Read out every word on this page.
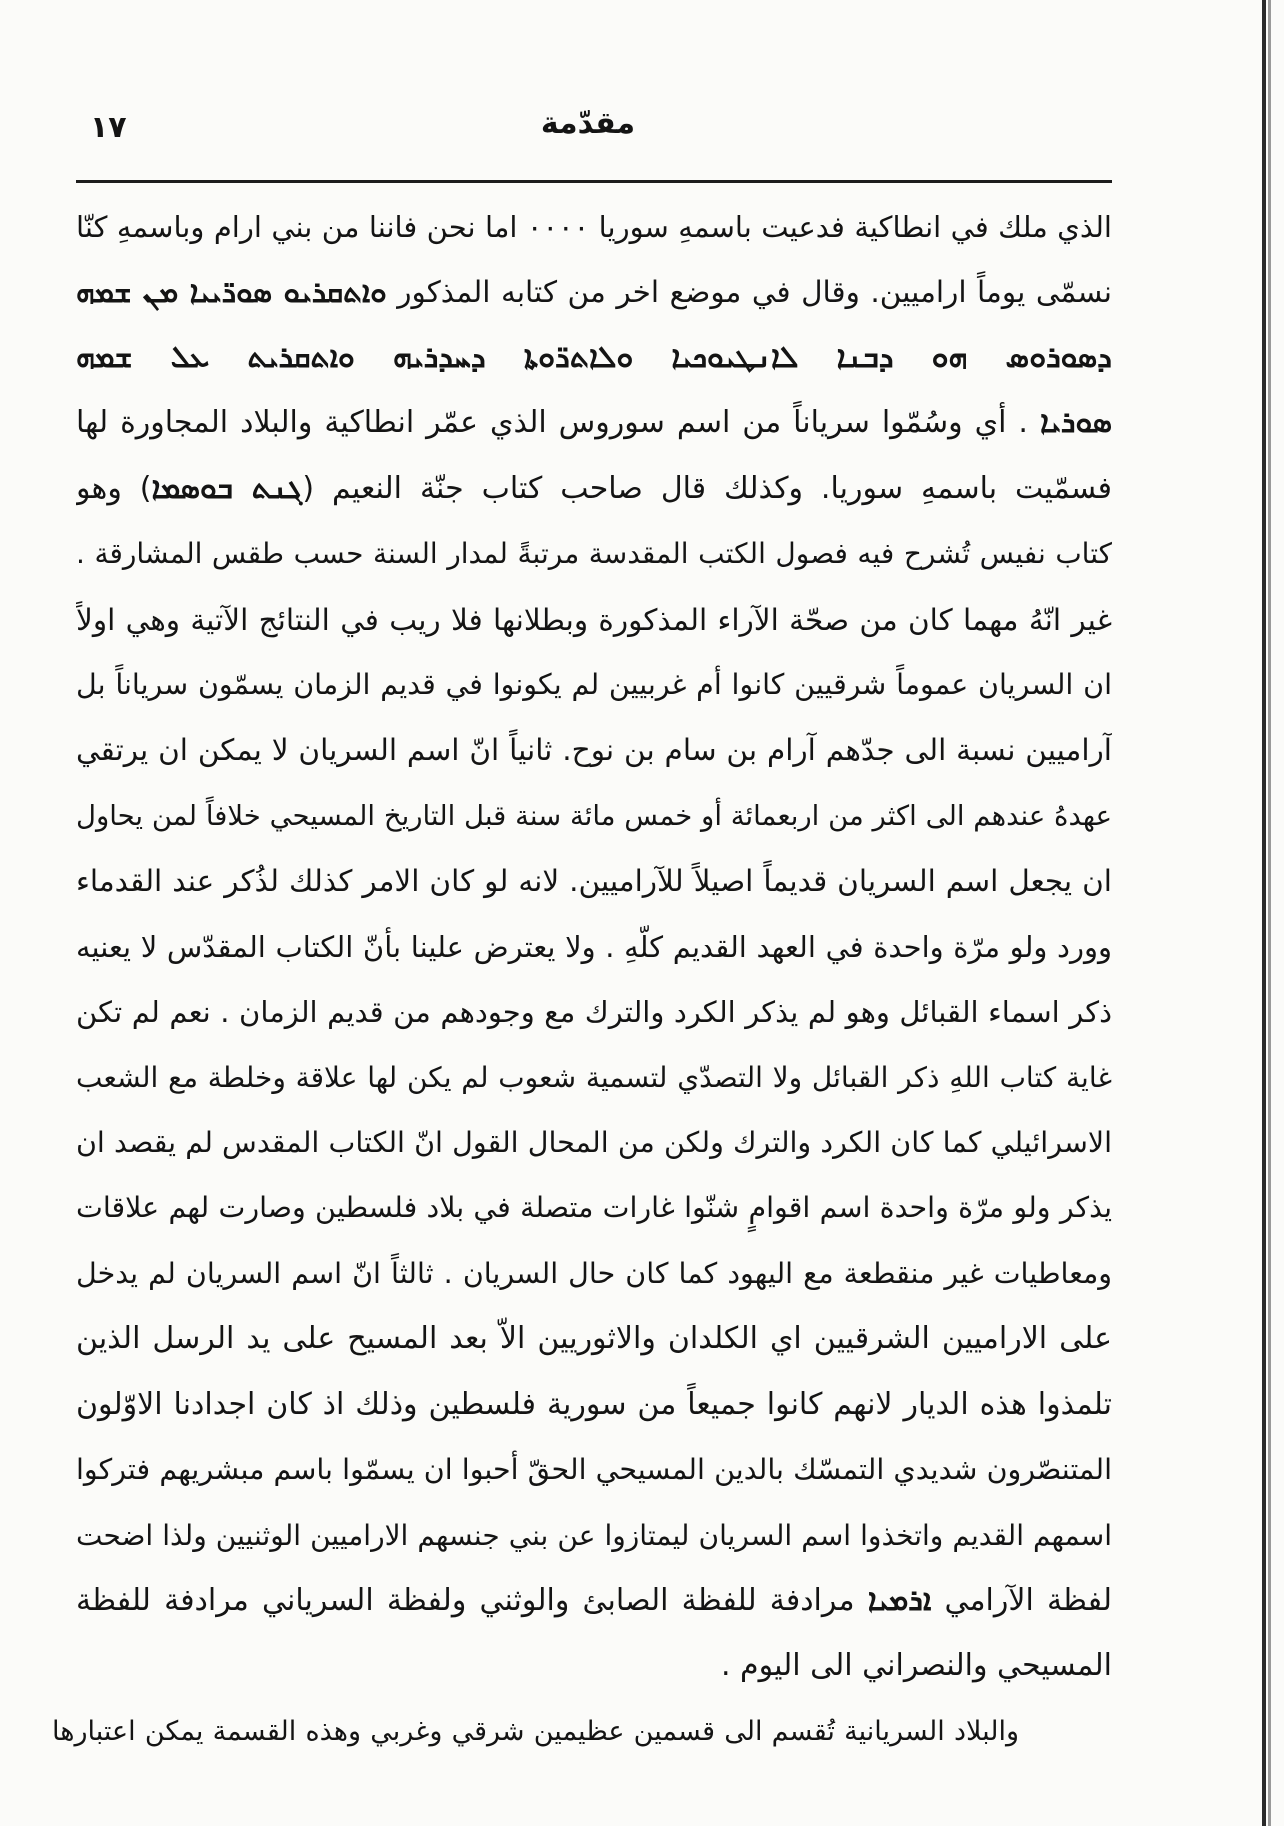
١٧	مقدّمة
الذي ملك في انطاكية فدعيت باسمهِ سوريا ٠٠٠٠ اما نحن فاننا من بني ارام وباسمهِ كنّا
نسمّى يوماً اراميين. وقال في موضع اخر من كتابه المذكور ܘܐܬܩܪܝܘ ܣܘܪ̈ܝܝܐ ܡܢ ܫܡܗ
ܕܣܘܪܘܣ ܗܘ ܕܒܢܐ ܠܐܢܛܝܘܟܝܐ ܘܠܐܬܪ̈ܘܬܐ ܕܚܕܪܝܗ ܘܐܬܩܪܝܬ ܥܠ ܫܡܗ
ܣܘܪܝܐ . أي وسُمّوا سرياناً من اسم سوروس الذي عمّر انطاكية والبلاد المجاورة لها
فسمّيت باسمهِ سوريا. وكذلك قال صاحب كتاب جنّة النعيم (ܓܢܬ ܒܘܣܡܐ) وهو
كتاب نفيس تُشرح فيه فصول الكتب المقدسة مرتبةً لمدار السنة حسب طقس المشارقة .
غير انّهُ مهما كان من صحّة الآراء المذكورة وبطلانها فلا ريب في النتائج الآتية وهي اولاً
ان السريان عموماً شرقيين كانوا أم غربيين لم يكونوا في قديم الزمان يسمّون سرياناً بل
آراميين نسبة الى جدّهم آرام بن سام بن نوح. ثانياً انّ اسم السريان لا يمكن ان يرتقي
عهدهُ عندهم الى اكثر من اربعمائة أو خمس مائة سنة قبل التاريخ المسيحي خلافاً لمن يحاول
ان يجعل اسم السريان قديماً اصيلاً للآراميين. لانه لو كان الامر كذلك لذُكر عند القدماء
وورد ولو مرّة واحدة في العهد القديم كلّهِ . ولا يعترض علينا بأنّ الكتاب المقدّس لا يعنيه
ذكر اسماء القبائل وهو لم يذكر الكرد والترك مع وجودهم من قديم الزمان . نعم لم تكن
غاية كتاب اللهِ ذكر القبائل ولا التصدّي لتسمية شعوب لم يكن لها علاقة وخلطة مع الشعب
الاسرائيلي كما كان الكرد والترك ولكن من المحال القول انّ الكتاب المقدس لم يقصد ان
يذكر ولو مرّة واحدة اسم اقوامٍ شنّوا غارات متصلة في بلاد فلسطين وصارت لهم علاقات
ومعاطيات غير منقطعة مع اليهود كما كان حال السريان . ثالثاً انّ اسم السريان لم يدخل
على الاراميين الشرقيين اي الكلدان والاثوريين الاّ بعد المسيح على يد الرسل الذين
تلمذوا هذه الديار لانهم كانوا جميعاً من سورية فلسطين وذلك اذ كان اجدادنا الاوّلون
المتنصّرون شديدي التمسّك بالدين المسيحي الحقّ أحبوا ان يسمّوا باسم مبشريهم فتركوا
اسمهم القديم واتخذوا اسم السريان ليمتازوا عن بني جنسهم الاراميين الوثنيين ولذا اضحت
لفظة الآرامي ܐܪܡܝܐ مرادفة للفظة الصابئ والوثني ولفظة السرياني مرادفة للفظة
المسيحي والنصراني الى اليوم .
والبلاد السريانية تُقسم الى قسمين عظيمين شرقي وغربي وهذه القسمة يمكن اعتبارها
